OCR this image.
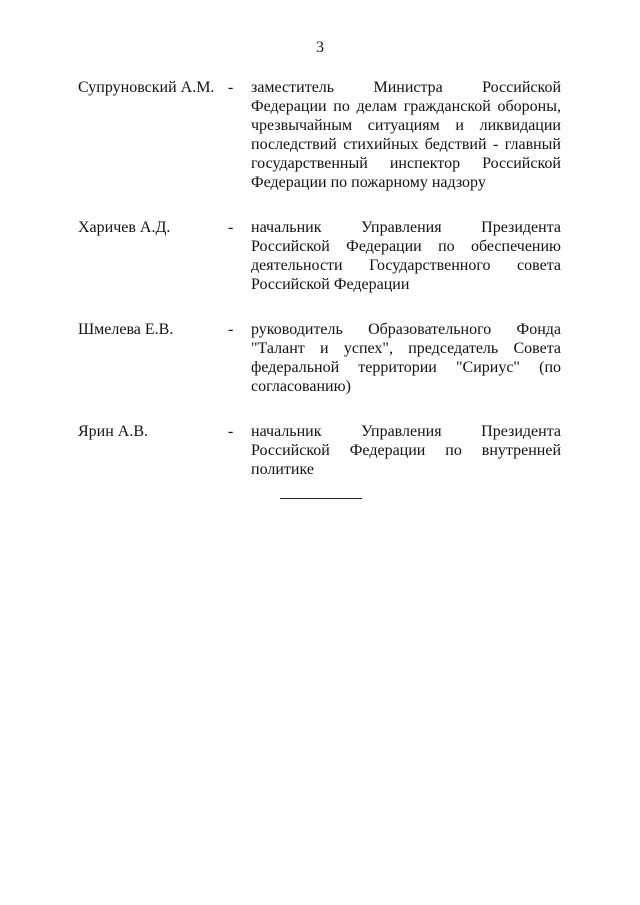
3
Супруновский А.М. -	заместитель Министра Российской Федерации по делам гражданской обороны, чрезвычайным ситуациям и ликвидации последствий стихийных бедствий - главный государственный инспектор Российской Федерации по пожарному надзору
Харичев А.Д.	-	начальник Управления Президента Российской Федерации по обеспечению деятельности Государственного совета Российской Федерации
Шмелева Е.В.	-	руководитель Образовательного Фонда "Талант и успех", председатель Совета федеральной территории "Сириус" (по согласованию)
Ярин А.В.	-	начальник Управления Президента Российской Федерации по внутренней политике
